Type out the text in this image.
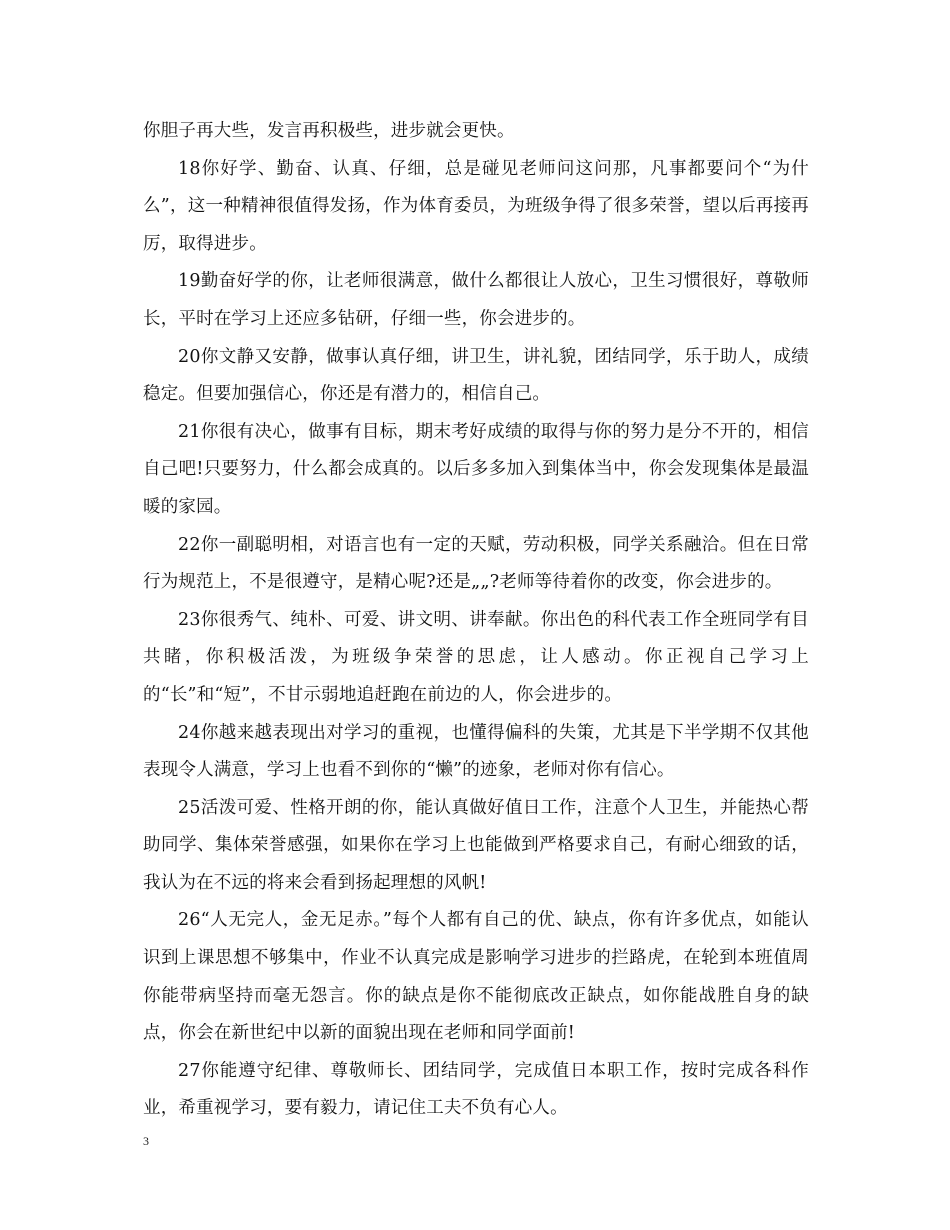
你胆子再大些，发言再积极些，进步就会更快。

18你好学、勤奋、认真、仔细，总是碰见老师问这问那，凡事都要问个“为什么”，这一种精神很值得发扬，作为体育委员，为班级争得了很多荣誉，望以后再接再厉，取得进步。

19勤奋好学的你，让老师很满意，做什么都很让人放心，卫生习惯很好，尊敬师长，平时在学习上还应多钻研，仔细一些，你会进步的。

20你文静又安静，做事认真仔细，讲卫生，讲礼貌，团结同学，乐于助人，成绩稳定。但要加强信心，你还是有潜力的，相信自己。

21你很有决心，做事有目标，期末考好成绩的取得与你的努力是分不开的，相信自己吧!只要努力，什么都会成真的。以后多多加入到集体当中，你会发现集体是最温暖的家园。

22你一副聪明相，对语言也有一定的天赋，劳动积极，同学关系融洽。但在日常行为规范上，不是很遵守，是精心呢?还是„„?老师等待着你的改变，你会进步的。

23你很秀气、纯朴、可爱、讲文明、讲奉献。你出色的科代表工作全班同学有目共睹，你积极活泼，为班级争荣誉的思虑，让人感动。你正视自己学习上的“长”和“短”，不甘示弱地追赶跑在前边的人，你会进步的。

24你越来越表现出对学习的重视，也懂得偏科的失策，尤其是下半学期不仅其他表现令人满意，学习上也看不到你的“懒”的迹象，老师对你有信心。

25活泼可爱、性格开朗的你，能认真做好值日工作，注意个人卫生，并能热心帮助同学、集体荣誉感强，如果你在学习上也能做到严格要求自己，有耐心细致的话，我认为在不远的将来会看到扬起理想的风帆!

26“人无完人，金无足赤。”每个人都有自己的优、缺点，你有许多优点，如能认识到上课思想不够集中，作业不认真完成是影响学习进步的拦路虎，在轮到本班值周你能带病坚持而毫无怨言。你的缺点是你不能彻底改正缺点，如你能战胜自身的缺点，你会在新世纪中以新的面貌出现在老师和同学面前!

27你能遵守纪律、尊敬师长、团结同学，完成值日本职工作，按时完成各科作业，希重视学习，要有毅力，请记住工夫不负有心人。

3
